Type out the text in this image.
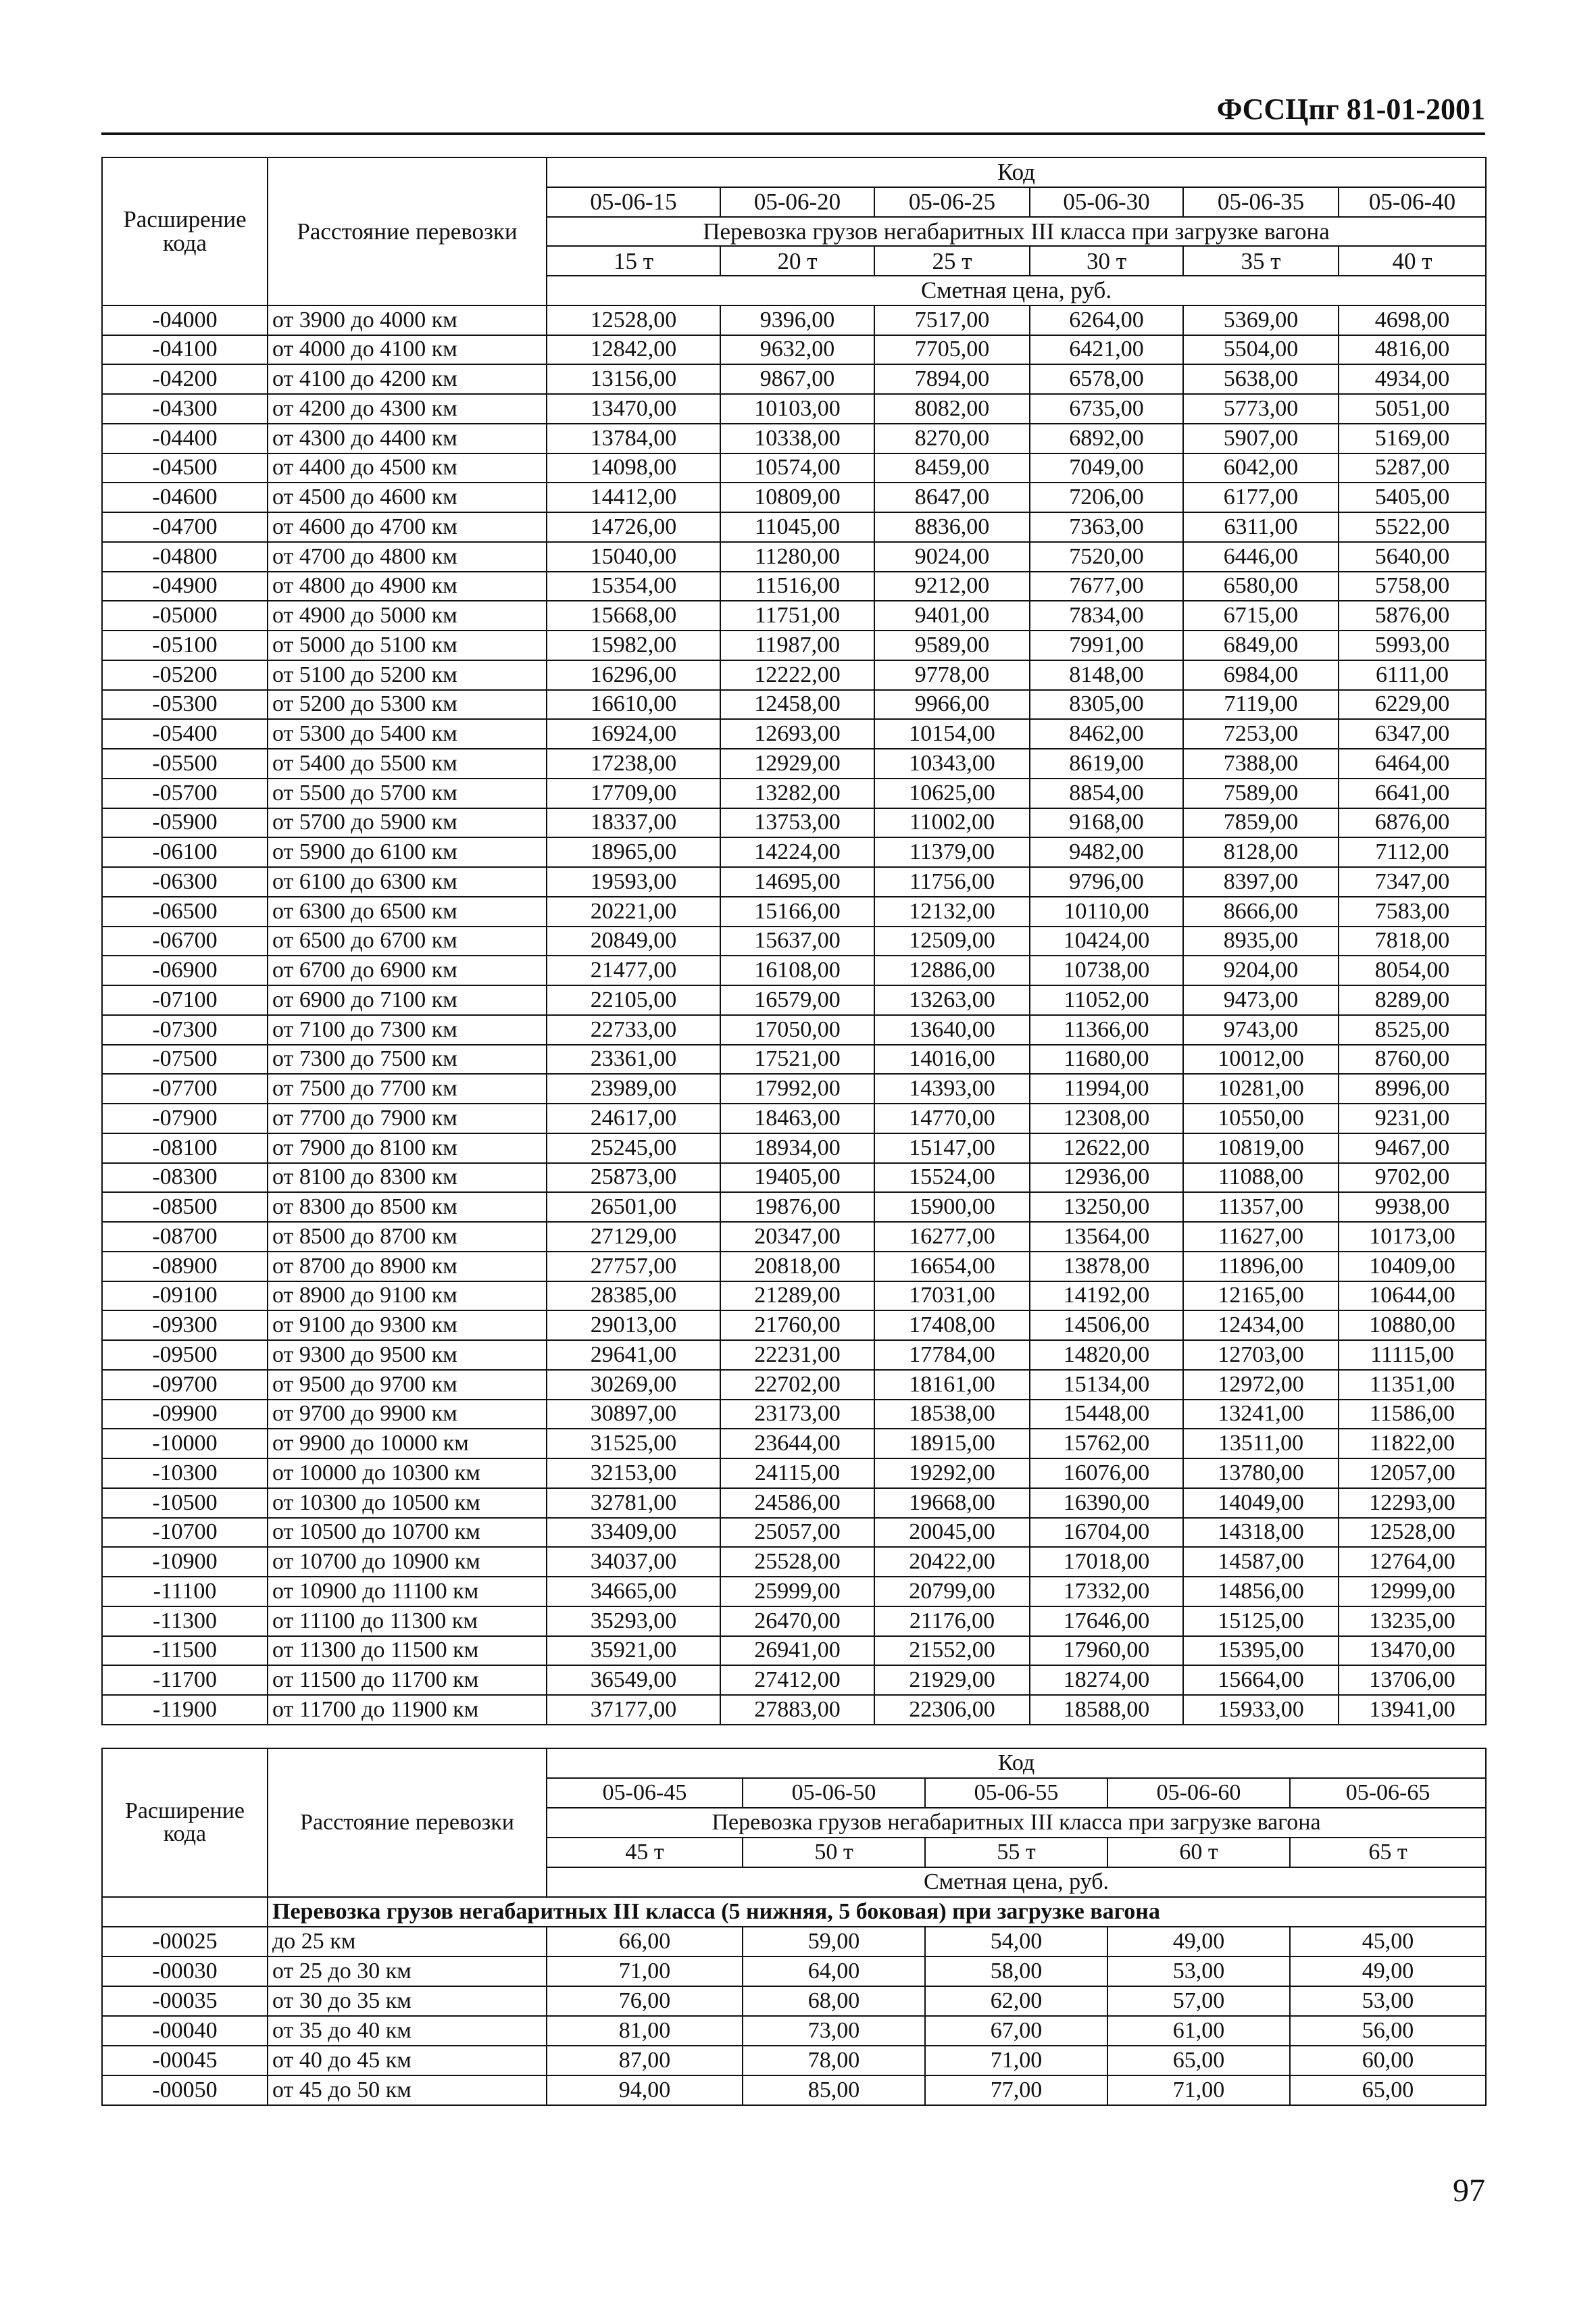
ФССЦпг 81-01-2001
Расширение кода	Расстояние перевозки	Код					
		05-06-15	05-06-20	05-06-25	05-06-30	05-06-35	05-06-40
		Перевозка грузов негабаритных III класса при загрузке вагона					
		15 т	20 т	25 т	30 т	35 т	40 т
		Сметная цена, руб.					
-04000	от 3900 до 4000 км	12528,00	9396,00	7517,00	6264,00	5369,00	4698,00
-04100	от 4000 до 4100 км	12842,00	9632,00	7705,00	6421,00	5504,00	4816,00
-04200	от 4100 до 4200 км	13156,00	9867,00	7894,00	6578,00	5638,00	4934,00
-04300	от 4200 до 4300 км	13470,00	10103,00	8082,00	6735,00	5773,00	5051,00
-04400	от 4300 до 4400 км	13784,00	10338,00	8270,00	6892,00	5907,00	5169,00
-04500	от 4400 до 4500 км	14098,00	10574,00	8459,00	7049,00	6042,00	5287,00
-04600	от 4500 до 4600 км	14412,00	10809,00	8647,00	7206,00	6177,00	5405,00
-04700	от 4600 до 4700 км	14726,00	11045,00	8836,00	7363,00	6311,00	5522,00
-04800	от 4700 до 4800 км	15040,00	11280,00	9024,00	7520,00	6446,00	5640,00
-04900	от 4800 до 4900 км	15354,00	11516,00	9212,00	7677,00	6580,00	5758,00
-05000	от 4900 до 5000 км	15668,00	11751,00	9401,00	7834,00	6715,00	5876,00
-05100	от 5000 до 5100 км	15982,00	11987,00	9589,00	7991,00	6849,00	5993,00
-05200	от 5100 до 5200 км	16296,00	12222,00	9778,00	8148,00	6984,00	6111,00
-05300	от 5200 до 5300 км	16610,00	12458,00	9966,00	8305,00	7119,00	6229,00
-05400	от 5300 до 5400 км	16924,00	12693,00	10154,00	8462,00	7253,00	6347,00
-05500	от 5400 до 5500 км	17238,00	12929,00	10343,00	8619,00	7388,00	6464,00
-05700	от 5500 до 5700 км	17709,00	13282,00	10625,00	8854,00	7589,00	6641,00
-05900	от 5700 до 5900 км	18337,00	13753,00	11002,00	9168,00	7859,00	6876,00
-06100	от 5900 до 6100 км	18965,00	14224,00	11379,00	9482,00	8128,00	7112,00
-06300	от 6100 до 6300 км	19593,00	14695,00	11756,00	9796,00	8397,00	7347,00
-06500	от 6300 до 6500 км	20221,00	15166,00	12132,00	10110,00	8666,00	7583,00
-06700	от 6500 до 6700 км	20849,00	15637,00	12509,00	10424,00	8935,00	7818,00
-06900	от 6700 до 6900 км	21477,00	16108,00	12886,00	10738,00	9204,00	8054,00
-07100	от 6900 до 7100 км	22105,00	16579,00	13263,00	11052,00	9473,00	8289,00
-07300	от 7100 до 7300 км	22733,00	17050,00	13640,00	11366,00	9743,00	8525,00
-07500	от 7300 до 7500 км	23361,00	17521,00	14016,00	11680,00	10012,00	8760,00
-07700	от 7500 до 7700 км	23989,00	17992,00	14393,00	11994,00	10281,00	8996,00
-07900	от 7700 до 7900 км	24617,00	18463,00	14770,00	12308,00	10550,00	9231,00
-08100	от 7900 до 8100 км	25245,00	18934,00	15147,00	12622,00	10819,00	9467,00
-08300	от 8100 до 8300 км	25873,00	19405,00	15524,00	12936,00	11088,00	9702,00
-08500	от 8300 до 8500 км	26501,00	19876,00	15900,00	13250,00	11357,00	9938,00
-08700	от 8500 до 8700 км	27129,00	20347,00	16277,00	13564,00	11627,00	10173,00
-08900	от 8700 до 8900 км	27757,00	20818,00	16654,00	13878,00	11896,00	10409,00
-09100	от 8900 до 9100 км	28385,00	21289,00	17031,00	14192,00	12165,00	10644,00
-09300	от 9100 до 9300 км	29013,00	21760,00	17408,00	14506,00	12434,00	10880,00
-09500	от 9300 до 9500 км	29641,00	22231,00	17784,00	14820,00	12703,00	11115,00
-09700	от 9500 до 9700 км	30269,00	22702,00	18161,00	15134,00	12972,00	11351,00
-09900	от 9700 до 9900 км	30897,00	23173,00	18538,00	15448,00	13241,00	11586,00
-10000	от 9900 до 10000 км	31525,00	23644,00	18915,00	15762,00	13511,00	11822,00
-10300	от 10000 до 10300 км	32153,00	24115,00	19292,00	16076,00	13780,00	12057,00
-10500	от 10300 до 10500 км	32781,00	24586,00	19668,00	16390,00	14049,00	12293,00
-10700	от 10500 до 10700 км	33409,00	25057,00	20045,00	16704,00	14318,00	12528,00
-10900	от 10700 до 10900 км	34037,00	25528,00	20422,00	17018,00	14587,00	12764,00
-11100	от 10900 до 11100 км	34665,00	25999,00	20799,00	17332,00	14856,00	12999,00
-11300	от 11100 до 11300 км	35293,00	26470,00	21176,00	17646,00	15125,00	13235,00
-11500	от 11300 до 11500 км	35921,00	26941,00	21552,00	17960,00	15395,00	13470,00
-11700	от 11500 до 11700 км	36549,00	27412,00	21929,00	18274,00	15664,00	13706,00
-11900	от 11700 до 11900 км	37177,00	27883,00	22306,00	18588,00	15933,00	13941,00
Расширение кода	Расстояние перевозки	Код				
		05-06-45	05-06-50	05-06-55	05-06-60	05-06-65
		Перевозка грузов негабаритных III класса при загрузке вагона				
		45 т	50 т	55 т	60 т	65 т
		Сметная цена, руб.				
	Перевозка грузов негабаритных III класса (5 нижняя, 5 боковая) при загрузке вагона					
-00025	до 25 км	66,00	59,00	54,00	49,00	45,00
-00030	от 25 до 30 км	71,00	64,00	58,00	53,00	49,00
-00035	от 30 до 35 км	76,00	68,00	62,00	57,00	53,00
-00040	от 35 до 40 км	81,00	73,00	67,00	61,00	56,00
-00045	от 40 до 45 км	87,00	78,00	71,00	65,00	60,00
-00050	от 45 до 50 км	94,00	85,00	77,00	71,00	65,00
97
